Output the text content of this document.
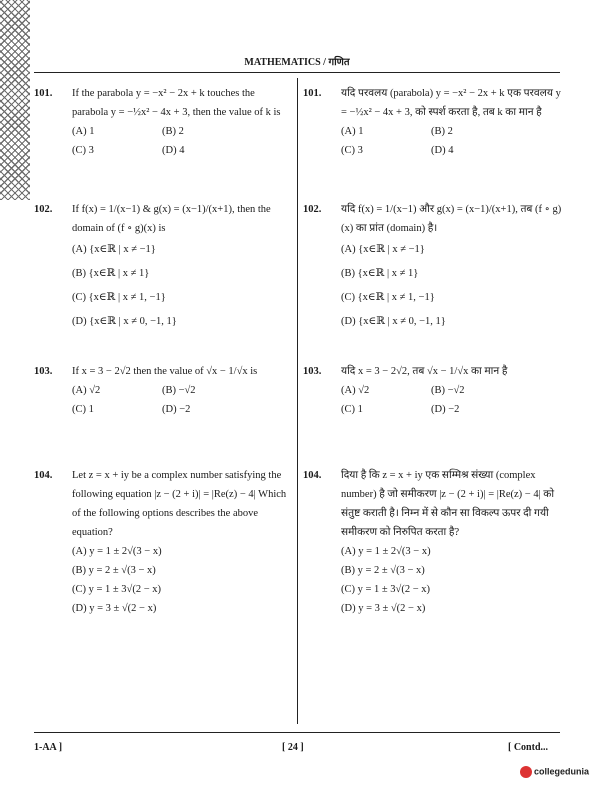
MATHEMATICS / गणित
101. If the parabola y = −x² − 2x + k touches the parabola y = −½x² − 4x + 3, then the value of k is
(A) 1	(B) 2
(C) 3	(D) 4
102. If f(x) = 1/(x−1) & g(x) = (x−1)/(x+1), then the domain of (f ∘ g)(x) is
(A) {x∈ℝ | x ≠ −1}
(B) {x∈ℝ | x ≠ 1}
(C) {x∈ℝ | x ≠ 1, −1}
(D) {x∈ℝ | x ≠ 0, −1, 1}
103. If x = 3 − 2√2 then the value of √x − 1/√x is
(A) √2	(B) −√2
(C) 1	(D) −2
104. Let z = x + iy be a complex number satisfying the following equation |z − (2 + i)| = |Re(z) − 4| Which of the following options describes the above equation?
(A) y = 1 ± 2√(3 − x)
(B) y = 2 ± √(3 − x)
(C) y = 1 ± 3√(2 − x)
(D) y = 3 ± √(2 − x)
101. यदि परवलय (parabola) y = −x² − 2x + k एक परवलय y = −½x² − 4x + 3, को स्पर्श करता है, तब k का मान है
(A) 1	(B) 2
(C) 3	(D) 4
102. यदि f(x) = 1/(x−1) और g(x) = (x−1)/(x+1), तब (f ∘ g)(x) का प्रांत (domain) है।
(A) {x∈ℝ | x ≠ −1}
(B) {x∈ℝ | x ≠ 1}
(C) {x∈ℝ | x ≠ 1, −1}
(D) {x∈ℝ | x ≠ 0, −1, 1}
103. यदि x = 3 − 2√2, तब √x − 1/√x का मान है
(A) √2	(B) −√2
(C) 1	(D) −2
104. दिया है कि z = x + iy एक सम्मिश्र संख्या (complex number) है जो समीकरण |z − (2 + i)| = |Re(z) − 4| को संतुष्ट कराती है। निम्न में से कौन सा विकल्प ऊपर दी गयी समीकरण को निरुपित करता है?
(A) y = 1 ± 2√(3 − x)
(B) y = 2 ± √(3 − x)
(C) y = 1 ± 3√(2 − x)
(D) y = 3 ± √(2 − x)
1-AA ]	[ 24 ]	[ Contd...
collegedunia
